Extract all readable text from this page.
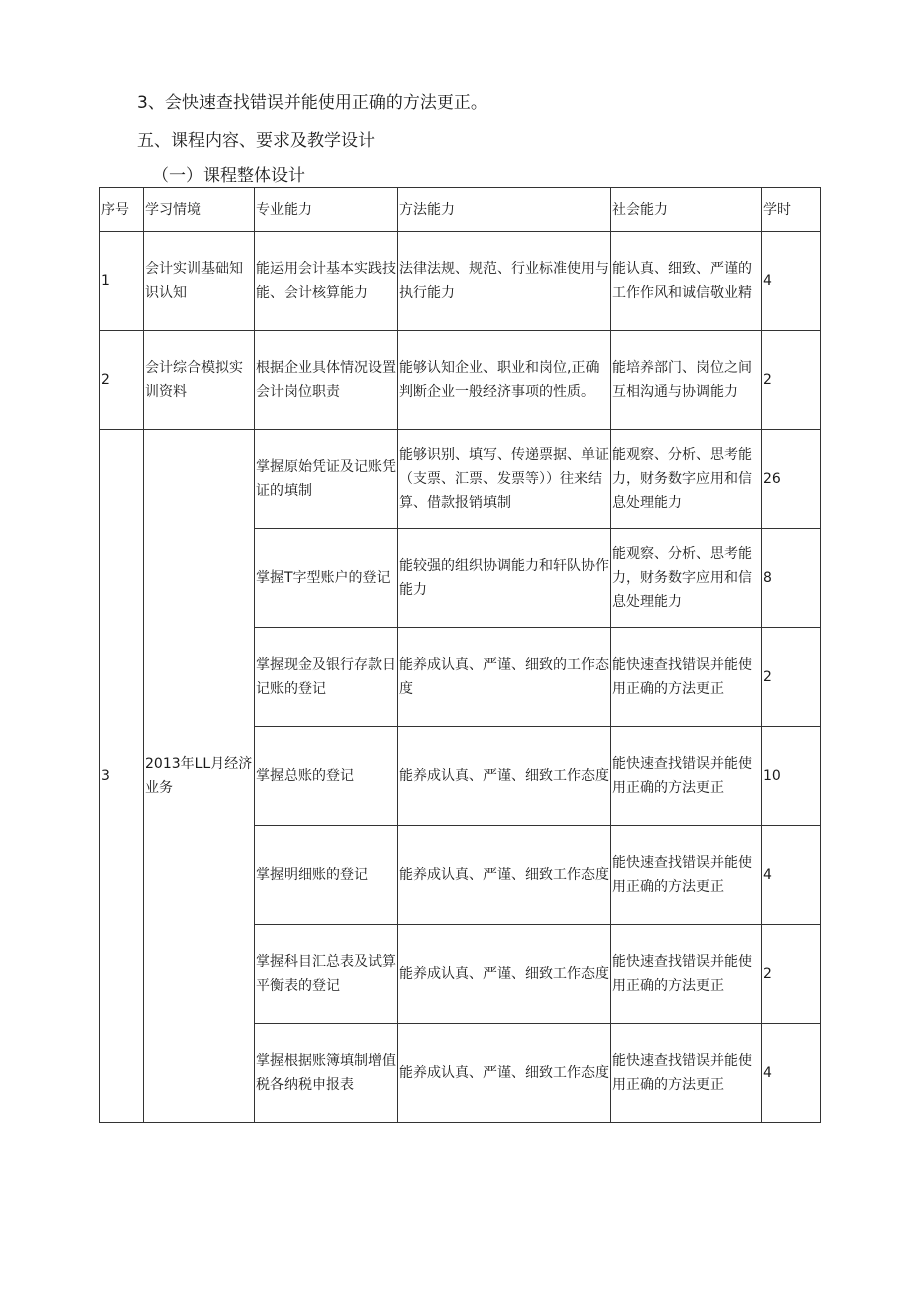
3、会快速查找错误并能使用正确的方法更正。

五、课程内容、要求及教学设计

（一）课程整体设计

序号	学习情境	专业能力	方法能力	社会能力	学时
1	会计实训基础知识认知	能运用会计基本实践技能、会计核算能力	法律法规、规范、行业标准使用与执行能力	能认真、细致、严谨的工作作风和诚信敬业精	4
2	会计综合模拟实训资料	根据企业具体情况设置会计岗位职责	能够认知企业、职业和岗位,正确判断企业一般经济事项的性质。	能培养部门、岗位之间互相沟通与协调能力	2
3	2013年LL月经济业务	掌握原始凭证及记账凭证的填制	能够识别、填写、传递票据、单证（支票、汇票、发票等））往来结算、借款报销填制	能观察、分析、思考能力，财务数字应用和信息处理能力	26
		掌握T字型账户的登记	能较强的组织协调能力和轩队协作能力	能观察、分析、思考能力，财务数字应用和信息处理能力	8
		掌握现金及银行存款日记账的登记	能养成认真、严谨、细致的工作态度	能快速查找错误并能使用正确的方法更正	2
		掌握总账的登记	能养成认真、严谨、细致工作态度	能快速查找错误并能使用正确的方法更正	10
		掌握明细账的登记	能养成认真、严谨、细致工作态度	能快速查找错误并能使用正确的方法更正	4
		掌握科目汇总表及试算平衡表的登记	能养成认真、严谨、细致工作态度	能快速查找错误并能使用正确的方法更正	2
		掌握根据账簿填制增值税各纳税申报表	能养成认真、严谨、细致工作态度	能快速查找错误并能使用正确的方法更正	4
